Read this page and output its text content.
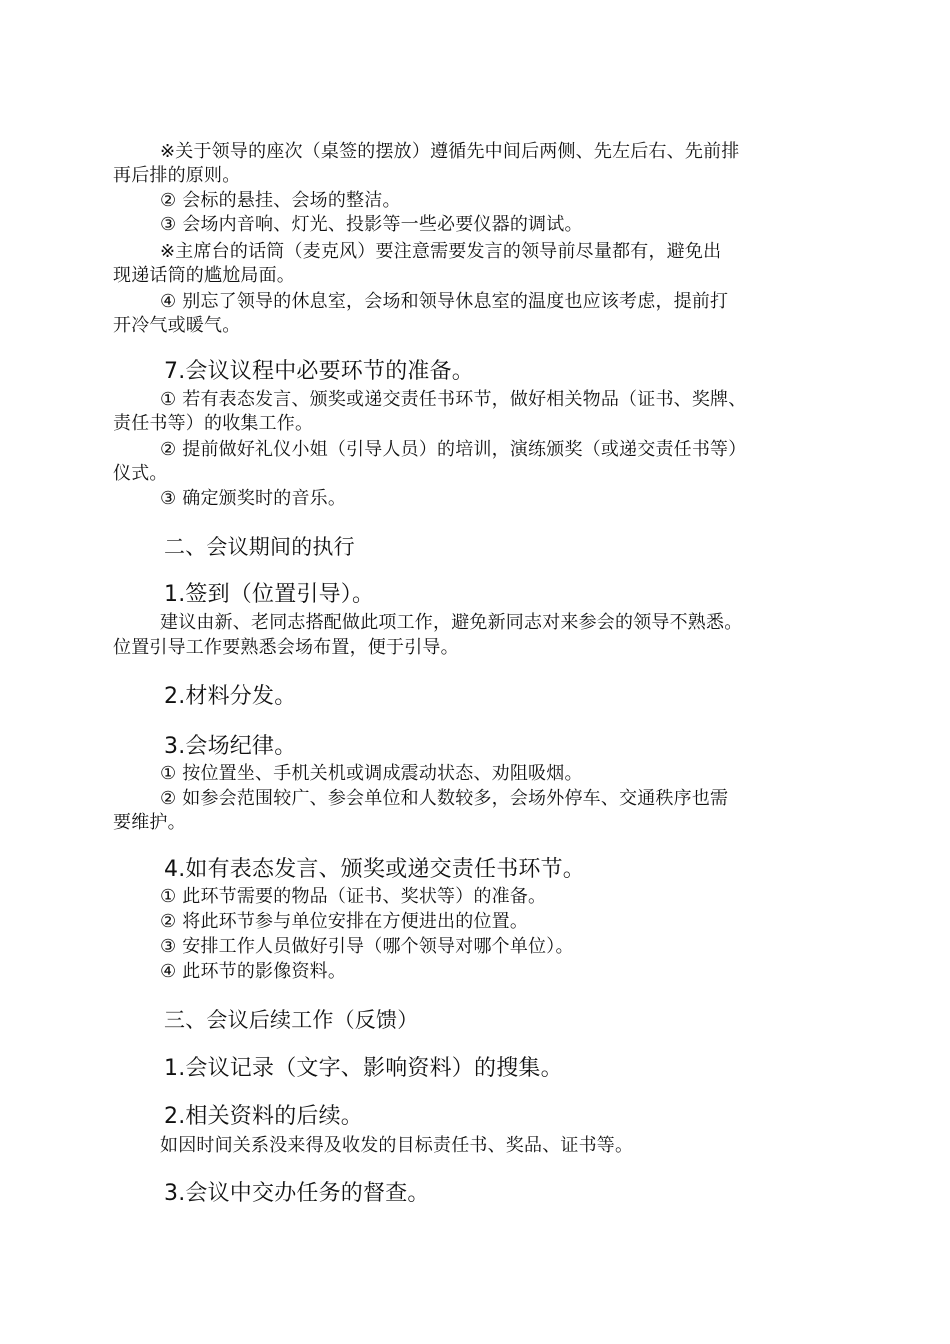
※关于领导的座次（桌签的摆放）遵循先中间后两侧、先左后右、先前排
再后排的原则。
② 会标的悬挂、会场的整洁。
③ 会场内音响、灯光、投影等一些必要仪器的调试。
※主席台的话筒（麦克风）要注意需要发言的领导前尽量都有，避免出
现递话筒的尴尬局面。
④ 别忘了领导的休息室，会场和领导休息室的温度也应该考虑，提前打
开冷气或暖气。
7.会议议程中必要环节的准备。
① 若有表态发言、颁奖或递交责任书环节，做好相关物品（证书、奖牌、
责任书等）的收集工作。
② 提前做好礼仪小姐（引导人员）的培训，演练颁奖（或递交责任书等）
仪式。
③ 确定颁奖时的音乐。
二、会议期间的执行
1.签到（位置引导）。
建议由新、老同志搭配做此项工作，避免新同志对来参会的领导不熟悉。
位置引导工作要熟悉会场布置，便于引导。
2.材料分发。
3.会场纪律。
① 按位置坐、手机关机或调成震动状态、劝阻吸烟。
② 如参会范围较广、参会单位和人数较多，会场外停车、交通秩序也需
要维护。
4.如有表态发言、颁奖或递交责任书环节。
① 此环节需要的物品（证书、奖状等）的准备。
② 将此环节参与单位安排在方便进出的位置。
③ 安排工作人员做好引导（哪个领导对哪个单位）。
④ 此环节的影像资料。
三、会议后续工作（反馈）
1.会议记录（文字、影响资料）的搜集。
2.相关资料的后续。
如因时间关系没来得及收发的目标责任书、奖品、证书等。
3.会议中交办任务的督查。
